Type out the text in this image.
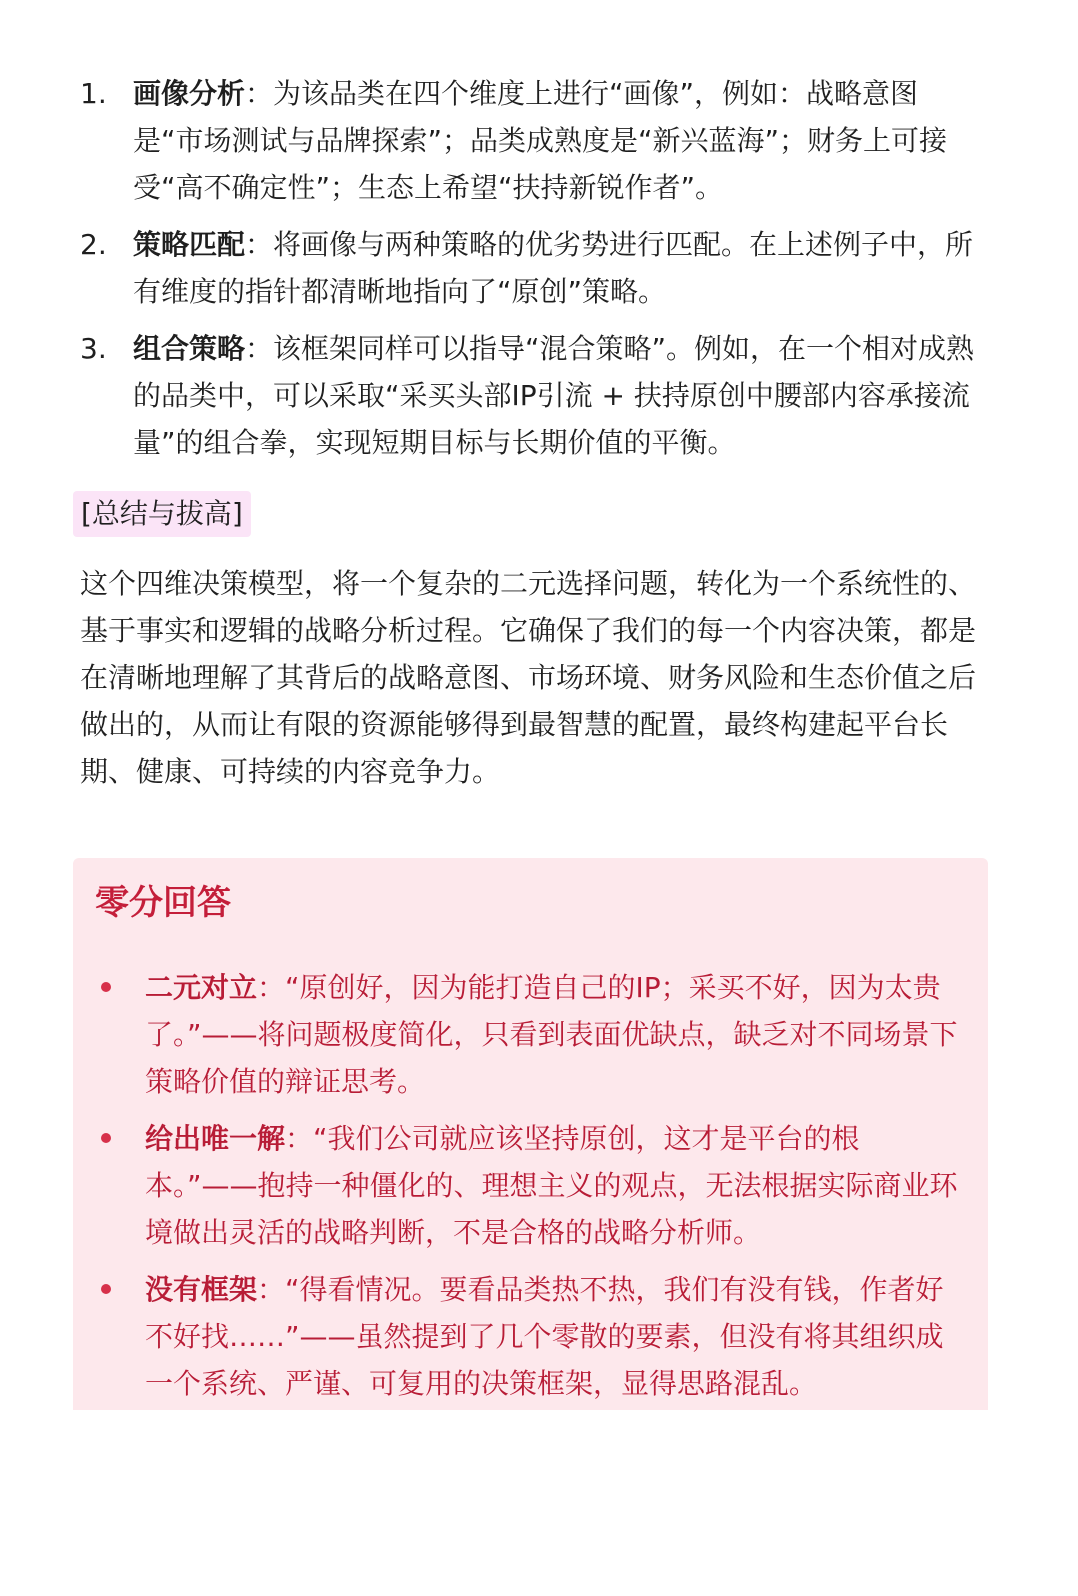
1. 画像分析：为该品类在四个维度上进行“画像”，例如：战略意图是“市场测试与品牌探索”；品类成熟度是“新兴蓝海”；财务上可接受“高不确定性”；生态上希望“扶持新锐作者”。
2. 策略匹配：将画像与两种策略的优劣势进行匹配。在上述例子中，所有维度的指针都清晰地指向了“原创”策略。
3. 组合策略：该框架同样可以指导“混合策略”。例如，在一个相对成熟的品类中，可以采取“采买头部IP引流 + 扶持原创中腰部内容承接流量”的组合拳，实现短期目标与长期价值的平衡。
[总结与拔高]

这个四维决策模型，将一个复杂的二元选择问题，转化为一个系统性的、基于事实和逻辑的战略分析过程。它确保了我们的每一个内容决策，都是在清晰地理解了其背后的战略意图、市场环境、财务风险和生态价值之后做出的，从而让有限的资源能够得到最智慧的配置，最终构建起平台长期、健康、可持续的内容竞争力。

零分回答
二元对立：“原创好，因为能打造自己的IP；采买不好，因为太贵了。”——将问题极度简化，只看到表面优缺点，缺乏对不同场景下策略价值的辩证思考。
给出唯一解：“我们公司就应该坚持原创，这才是平台的根本。”——抱持一种僵化的、理想主义的观点，无法根据实际商业环境做出灵活的战略判断，不是合格的战略分析师。
没有框架：“得看情况。要看品类热不热，我们有没有钱，作者好不好找……”——虽然提到了几个零散的要素，但没有将其组织成一个系统、严谨、可复用的决策框架，显得思路混乱。
